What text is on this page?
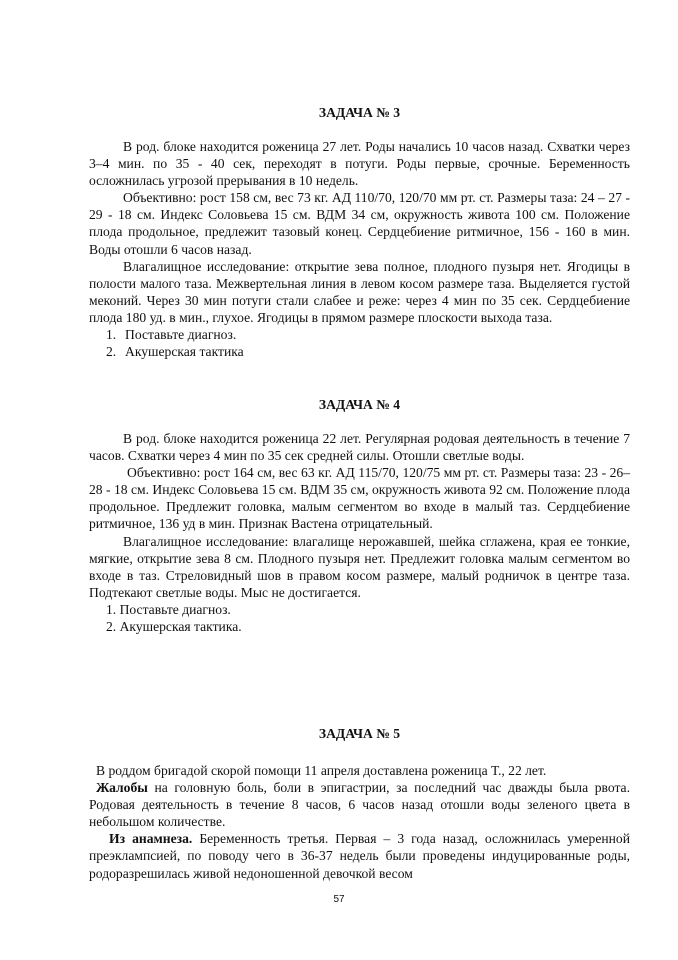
ЗАДАЧА № 3

В род. блоке находится роженица 27 лет. Роды начались 10 часов назад. Схватки через 3–4 мин. по 35 - 40 сек, переходят в потуги. Роды первые, срочные. Беременность осложнилась угрозой прерывания в 10 недель.

Объективно: рост 158 см, вес 73 кг. АД 110/70, 120/70 мм рт. ст. Размеры таза: 24 – 27 - 29 - 18 см. Индекс Соловьева 15 см. ВДМ 34 см, окружность живота 100 см. Положение плода продольное, предлежит тазовый конец. Сердцебиение ритмичное, 156 - 160 в мин. Воды отошли 6 часов назад.

Влагалищное исследование: открытие зева полное, плодного пузыря нет. Ягодицы в полости малого таза. Межвертельная линия в левом косом размере таза. Выделяется густой меконий. Через 30 мин потуги стали слабее и реже: через 4 мин по 35 сек. Сердцебиение плода 180 уд. в мин., глухое. Ягодицы в прямом размере плоскости выхода таза.

1. Поставьте диагноз.

2. Акушерская тактика

ЗАДАЧА № 4

В род. блоке находится роженица 22 лет. Регулярная родовая деятельность в течение 7 часов. Схватки через 4 мин по 35 сек средней силы. Отошли светлые воды.

Объективно: рост 164 см, вес 63 кг. АД 115/70, 120/75 мм рт. ст. Размеры таза: 23 - 26– 28 - 18 см. Индекс Соловьева 15 см. ВДМ 35 см, окружность живота 92 см. Положение плода продольное. Предлежит головка, малым сегментом во входе в малый таз. Сердцебиение ритмичное, 136 уд в мин. Признак Вастена отрицательный.

Влагалищное исследование: влагалище нерожавшей, шейка сглажена, края ее тонкие, мягкие, открытие зева 8 см. Плодного пузыря нет. Предлежит головка малым сегментом во входе в таз. Стреловидный шов в правом косом размере, малый родничок в центре таза. Подтекают светлые воды. Мыс не достигается.

1. Поставьте диагноз.

2. Акушерская тактика.

ЗАДАЧА № 5

В роддом бригадой скорой помощи 11 апреля доставлена роженица Т., 22 лет.

Жалобы на головную боль, боли в эпигастрии, за последний час дважды была рвота. Родовая деятельность в течение 8 часов, 6 часов назад отошли воды зеленого цвета в небольшом количестве.

Из анамнеза. Беременность третья. Первая – 3 года назад, осложнилась умеренной преэклампсией, по поводу чего в 36-37 недель были проведены индуцированные роды, родоразрешилась живой недоношенной девочкой весом

57
